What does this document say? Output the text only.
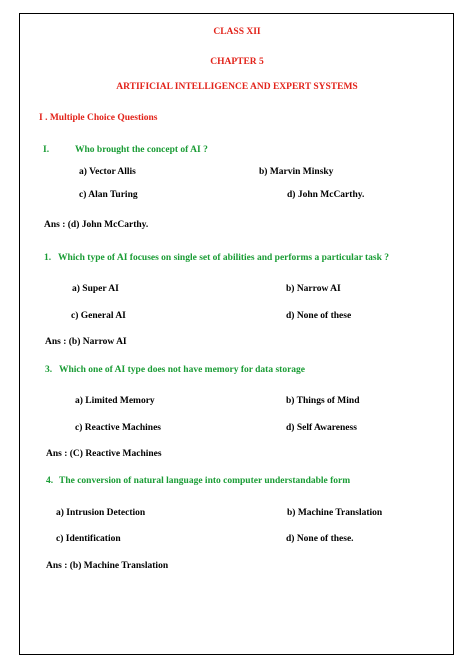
CLASS XII
CHAPTER 5
ARTIFICIAL INTELLIGENCE AND EXPERT SYSTEMS
I . Multiple Choice Questions
I.	Who brought the concept of AI ?
a) Vector Allis	b) Marvin Minsky
c) Alan Turing	d) John McCarthy.
Ans : (d) John McCarthy.
1. Which type of AI focuses on single set of abilities and performs a particular task ?
a) Super AI	b) Narrow AI
c) General AI	d) None of these
Ans : (b) Narrow AI
3. Which one of AI type does not have memory for data storage
a) Limited Memory	b) Things of Mind
c) Reactive Machines	d) Self Awareness
Ans : (C) Reactive Machines
4. The conversion of natural language into computer understandable form
a) Intrusion Detection	b) Machine Translation
c) Identification	d) None of these.
Ans : (b) Machine Translation
